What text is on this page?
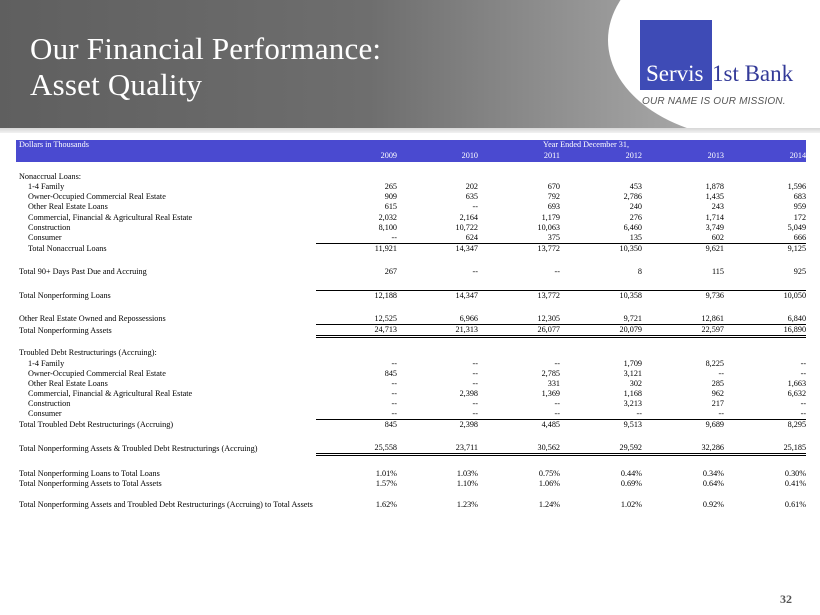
Our Financial Performance:
Asset Quality	Servis 1st Bank
OUR NAME IS OUR MISSION.
Dollars in Thousands	Year Ended December 31,					
	2009	2010	2011	2012	2013	2014

Nonaccrual Loans:						
1-4 Family	265	202	670	453	1,878	1,596
Owner-Occupied Commercial Real Estate	909	635	792	2,786	1,435	683
Other Real Estate Loans	615	--	693	240	243	959
Commercial, Financial & Agricultural Real Estate	2,032	2,164	1,179	276	1,714	172
Construction	8,100	10,722	10,063	6,460	3,749	5,049
Consumer	--	624	375	135	602	666
Total Nonaccrual Loans	11,921	14,347	13,772	10,350	9,621	9,125

Total 90+ Days Past Due and Accruing	267	--	--	8	115	925

Total Nonperforming Loans	12,188	14,347	13,772	10,358	9,736	10,050

Other Real Estate Owned and Repossessions	12,525	6,966	12,305	9,721	12,861	6,840
Total Nonperforming Assets	24,713	21,313	26,077	20,079	22,597	16,890

Troubled Debt Restructurings (Accruing):						
1-4 Family	--	--	--	1,709	8,225	--
Owner-Occupied Commercial Real Estate	845	--	2,785	3,121	--	--
Other Real Estate Loans	--	--	331	302	285	1,663
Commercial, Financial & Agricultural Real Estate	--	2,398	1,369	1,168	962	6,632
Construction	--	--	--	3,213	217	--
Consumer	--	--	--	--	--	--
Total Troubled Debt Restructurings (Accruing)	845	2,398	4,485	9,513	9,689	8,295

Total Nonperforming Assets & Troubled Debt Restructurings (Accruing)	25,558	23,711	30,562	29,592	32,286	25,185

Total Nonperforming Loans to Total Loans	1.01%	1.03%	0.75%	0.44%	0.34%	0.30%
Total Nonperforming Assets to Total Assets	1.57%	1.10%	1.06%	0.69%	0.64%	0.41%

Total Nonperforming Assets and Troubled Debt Restructurings (Accruing) to Total Assets	1.62%	1.23%	1.24%	1.02%	0.92%	0.61%
32
